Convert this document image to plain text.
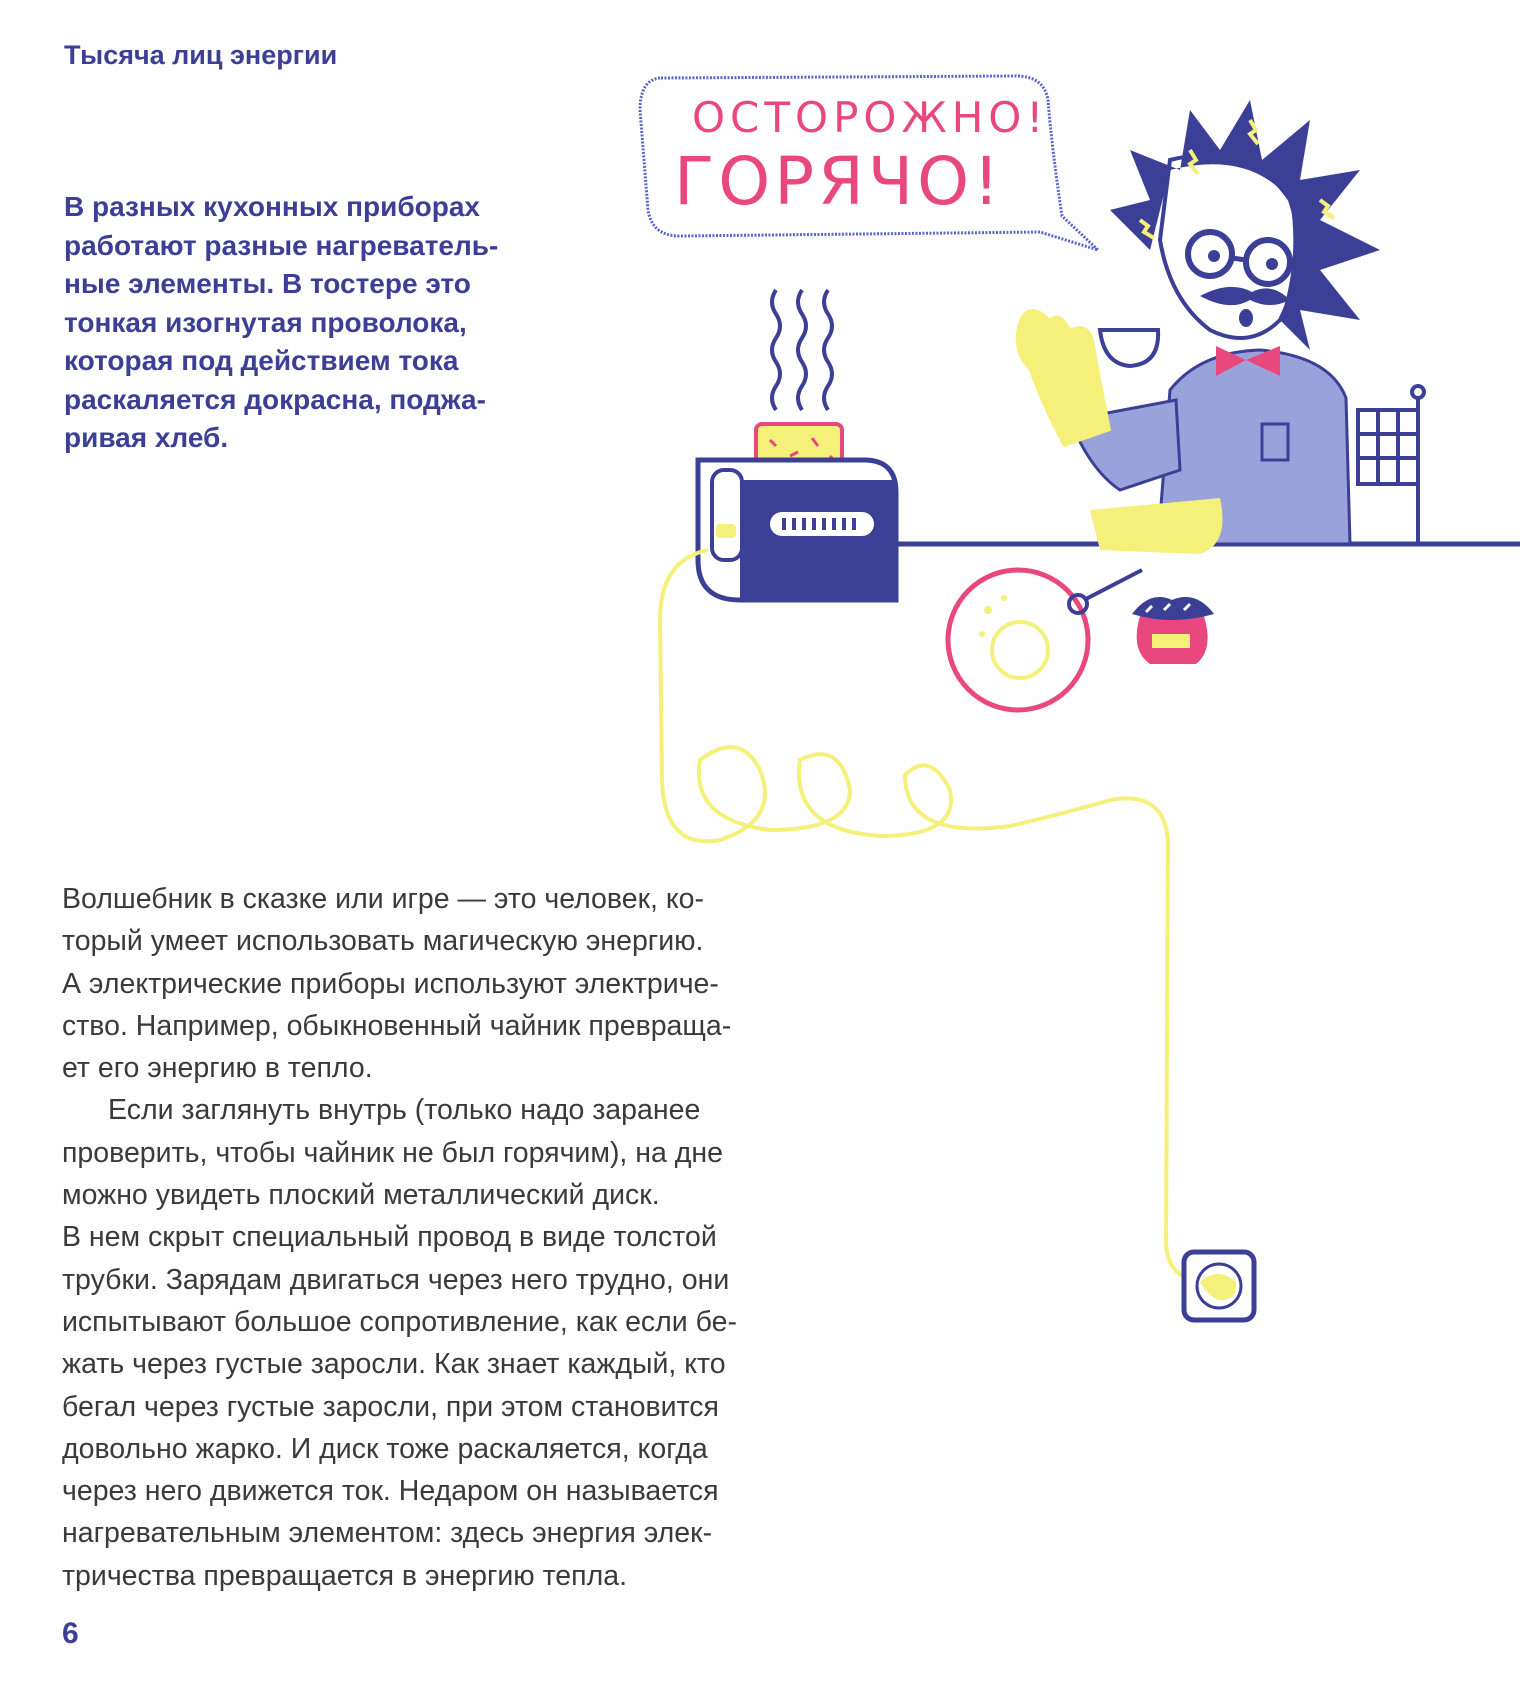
Тысяча лиц энергии

В разных кухонных приборах
работают разные нагреватель-
ные элементы. В тостере это
тонкая изогнутая проволока,
которая под действием тока
раскаляется докрасна, поджа-
ривая хлеб.

ОСТОРОЖНО!
ГОРЯЧО!
Волшебник в сказке или игре — это человек, ко-
торый умеет использовать магическую энергию.
А электрические приборы используют электриче-
ство. Например, обыкновенный чайник превраща-
ет его энергию в тепло.
Если заглянуть внутрь (только надо заранее
проверить, чтобы чайник не был горячим), на дне
можно увидеть плоский металлический диск.
В нем скрыт специальный провод в виде толстой
трубки. Зарядам двигаться через него трудно, они
испытывают большое сопротивление, как если бе-
жать через густые заросли. Как знает каждый, кто
бегал через густые заросли, при этом становится
довольно жарко. И диск тоже раскаляется, когда
через него движется ток. Недаром он называется
нагревательным элементом: здесь энергия элек-
тричества превращается в энергию тепла.

6
